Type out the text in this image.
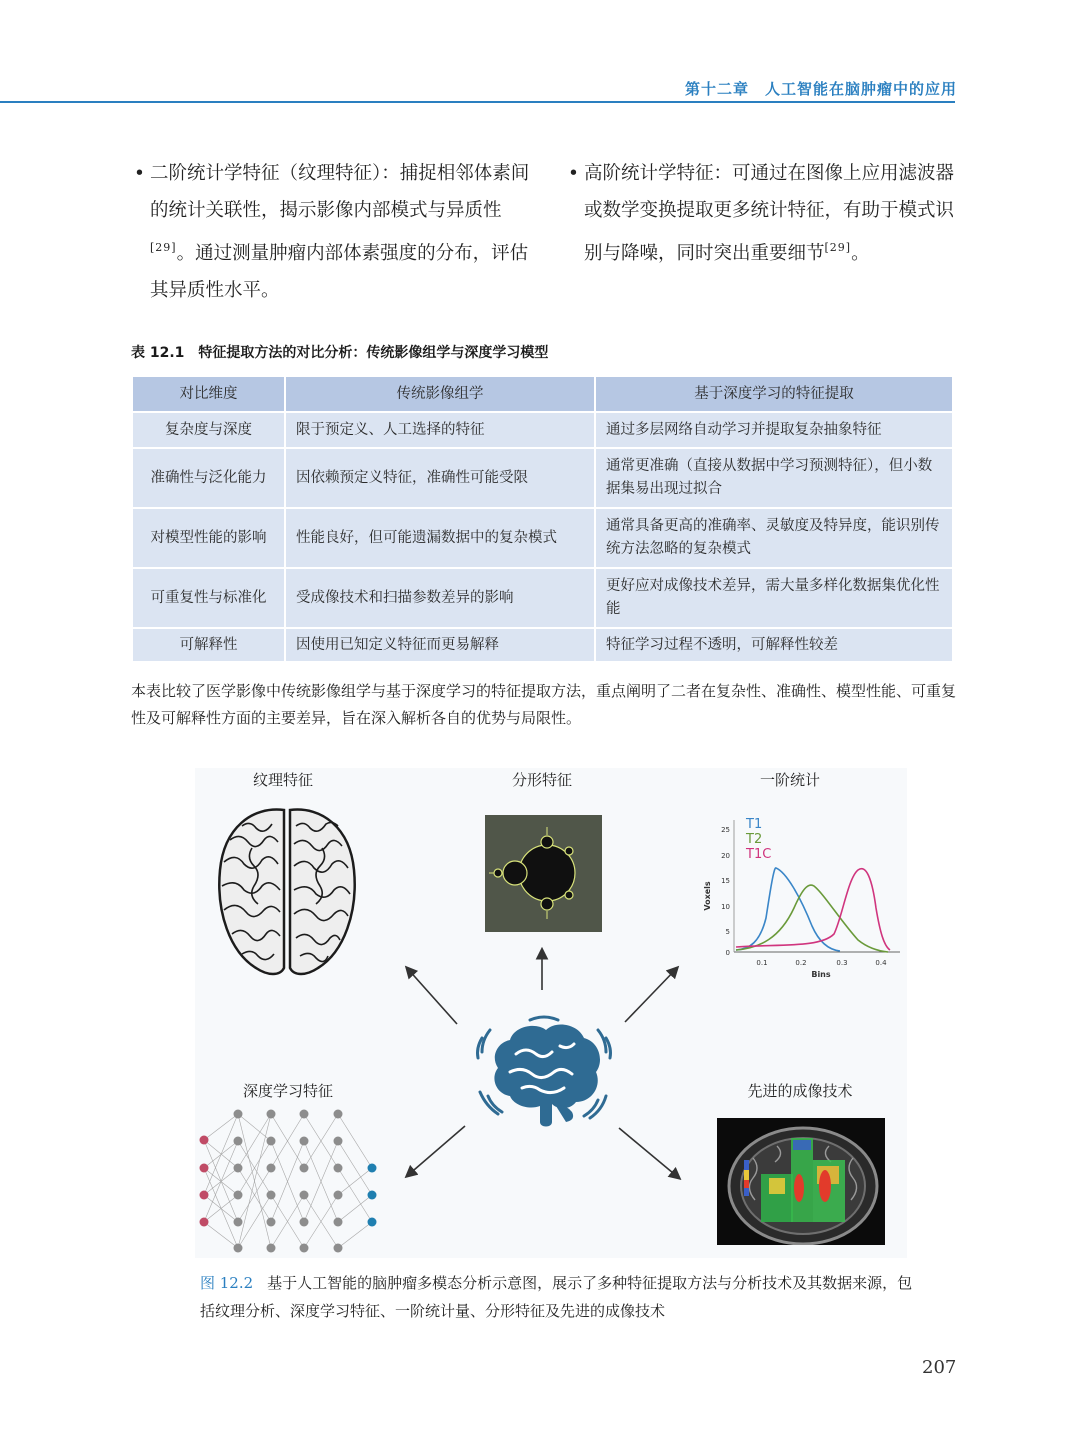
第十二章　人工智能在脑肿瘤中的应用
• 二阶统计学特征（纹理特征）：捕捉相邻体素间的统计关联性，揭示影像内部模式与异质性[29]。通过测量肿瘤内部体素强度的分布，评估其异质性水平。
• 高阶统计学特征：可通过在图像上应用滤波器或数学变换提取更多统计特征，有助于模式识别与降噪，同时突出重要细节[29]。
表 12.1 特征提取方法的对比分析：传统影像组学与深度学习模型
对比维度	传统影像组学	基于深度学习的特征提取
复杂度与深度	限于预定义、人工选择的特征	通过多层网络自动学习并提取复杂抽象特征
准确性与泛化能力	因依赖预定义特征，准确性可能受限	通常更准确（直接从数据中学习预测特征），但小数据集易出现过拟合
对模型性能的影响	性能良好，但可能遗漏数据中的复杂模式	通常具备更高的准确率、灵敏度及特异度，能识别传统方法忽略的复杂模式
可重复性与标准化	受成像技术和扫描参数差异的影响	更好应对成像技术差异，需大量多样化数据集优化性能
可解释性	因使用已知定义特征而更易解释	特征学习过程不透明，可解释性较差
本表比较了医学影像中传统影像组学与基于深度学习的特征提取方法，重点阐明了二者在复杂性、准确性、模型性能、可重复性及可解释性方面的主要差异，旨在深入解析各自的优势与局限性。
纹理特征	分形特征	一阶统计
深度学习特征	先进的成像技术
0
5
10
15
20
25
0.1	0.2	0.3	0.4
Bins
Voxels
T1
T2
T1C
图 12.2 基于人工智能的脑肿瘤多模态分析示意图，展示了多种特征提取方法与分析技术及其数据来源，包括纹理分析、深度学习特征、一阶统计量、分形特征及先进的成像技术
207
